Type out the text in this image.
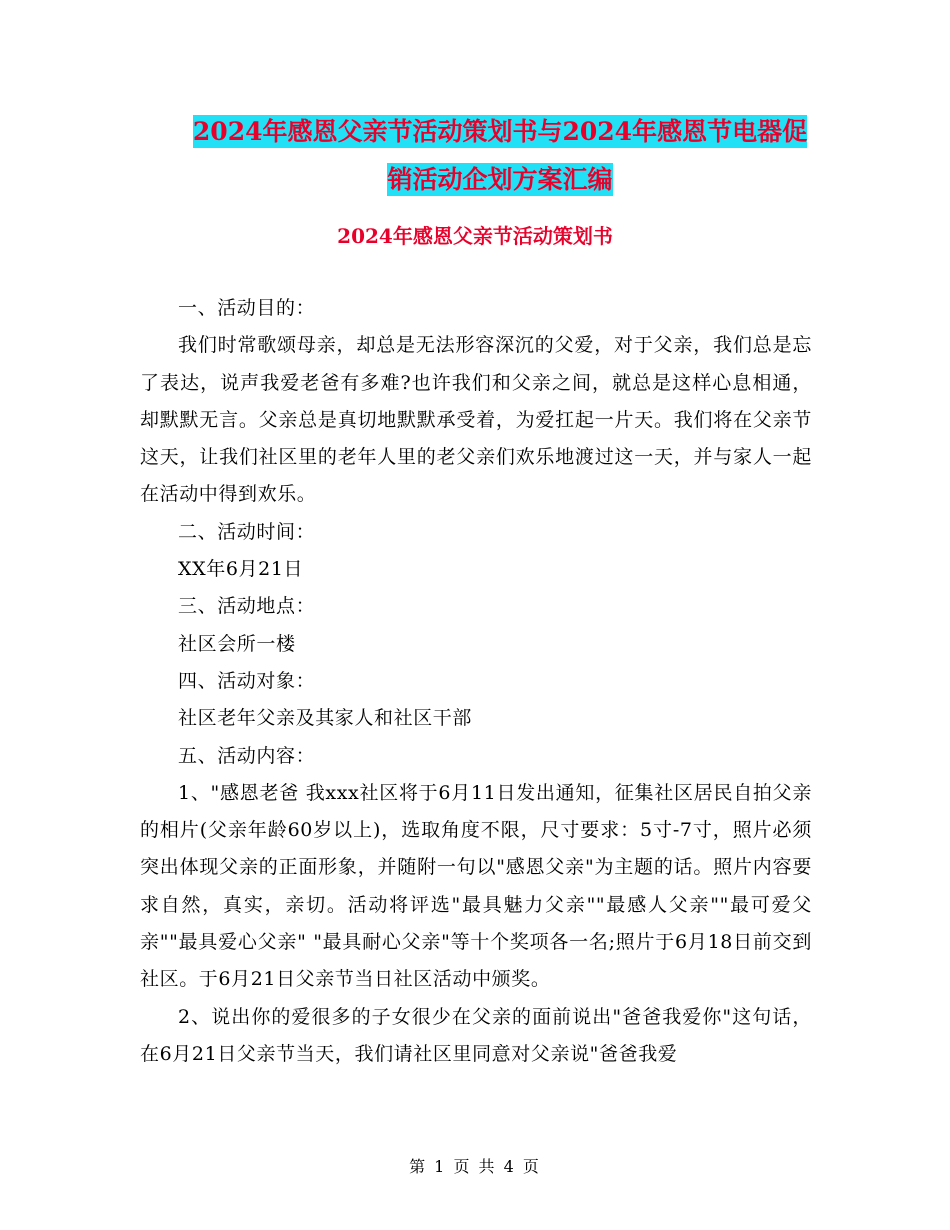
2024年感恩父亲节活动策划书与2024年感恩节电器促
销活动企划方案汇编
2024年感恩父亲节活动策划书

一、活动目的：

我们时常歌颂母亲，却总是无法形容深沉的父爱，对于父亲，我们总是忘了表达，说声我爱老爸有多难?也许我们和父亲之间，就总是这样心息相通，却默默无言。父亲总是真切地默默承受着，为爱扛起一片天。我们将在父亲节这天，让我们社区里的老年人里的老父亲们欢乐地渡过这一天，并与家人一起在活动中得到欢乐。

二、活动时间：

XX年6月21日

三、活动地点：

社区会所一楼

四、活动对象：

社区老年父亲及其家人和社区干部

五、活动内容：

1、"感恩老爸 我xxx社区将于6月11日发出通知，征集社区居民自拍父亲的相片(父亲年龄60岁以上)，选取角度不限，尺寸要求：5寸-7寸，照片必须突出体现父亲的正面形象，并随附一句以"感恩父亲"为主题的话。照片内容要求自然，真实，亲切。活动将评选"最具魅力父亲""最感人父亲""最可爱父亲""最具爱心父亲" "最具耐心父亲"等十个奖项各一名;照片于6月18日前交到社区。于6月21日父亲节当日社区活动中颁奖。

2、说出你的爱很多的子女很少在父亲的面前说出"爸爸我爱你"这句话，在6月21日父亲节当天，我们请社区里同意对父亲说"爸爸我爱

第 1 页 共 4 页
